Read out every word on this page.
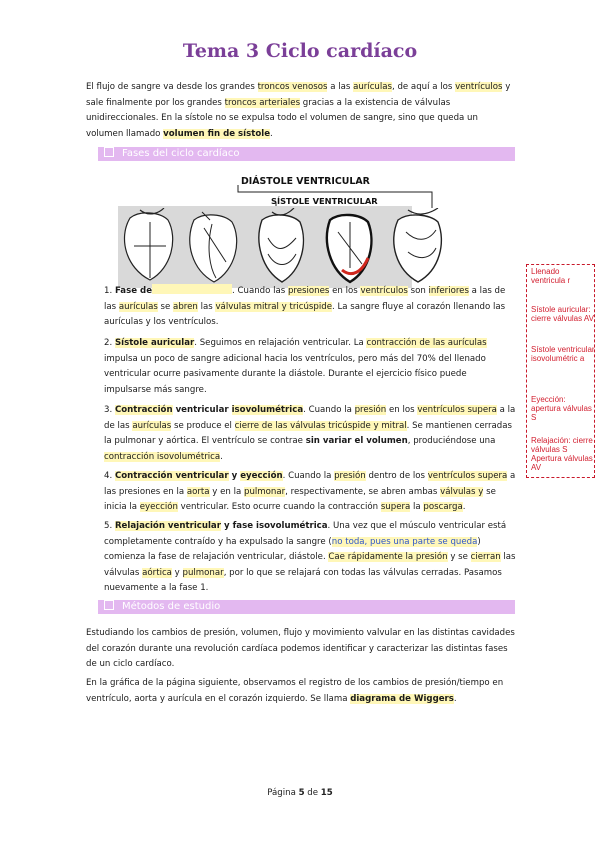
Tema 3 Ciclo cardíaco

El flujo de sangre va desde los grandes troncos venosos a las aurículas, de aquí a los ventrículos y sale finalmente por los grandes troncos arteriales gracias a la existencia de válvulas unidireccionales. En la sístole no se expulsa todo el volumen de sangre, sino que queda un volumen llamado volumen fin de sístole.

Fases del ciclo cardíaco
DIÁSTOLE VENTRICULAR
SÍSTOLE VENTRICULAR

1. Fase de	. Cuando las presiones en los ventrículos son inferiores a las de las aurículas se abren las válvulas mitral y tricúspide. La sangre fluye al corazón llenando las aurículas y los ventrículos.

2. Sístole auricular. Seguimos en relajación ventricular. La contracción de las aurículas impulsa un poco de sangre adicional hacia los ventrículos, pero más del 70% del llenado ventricular ocurre pasivamente durante la diástole. Durante el ejercicio físico puede impulsarse más sangre.

3. Contracción ventricular isovolumétrica. Cuando la presión en los ventrículos supera a la de las aurículas se produce el cierre de las válvulas tricúspide y mitral. Se mantienen cerradas la pulmonar y aórtica. El ventrículo se contrae sin variar el volumen, produciéndose una contracción isovolumétrica.

4. Contracción ventricular y eyección. Cuando la presión dentro de los ventrículos supera a las presiones en la aorta y en la pulmonar, respectivamente, se abren ambas válvulas y se inicia la eyección ventricular. Esto ocurre cuando la contracción supera la poscarga.

5. Relajación ventricular y fase isovolumétrica. Una vez que el músculo ventricular está completamente contraído y ha expulsado la sangre (no toda, pues una parte se queda) comienza la fase de relajación ventricular, diástole. Cae rápidamente la presión y se cierran las válvulas aórtica y pulmonar, por lo que se relajará con todas las válvulas cerradas. Pasamos nuevamente a la fase 1.

Métodos de estudio

Estudiando los cambios de presión, volumen, flujo y movimiento valvular en las distintas cavidades del corazón durante una revolución cardíaca podemos identificar y caracterizar las distintas fases de un ciclo cardíaco.

En la gráfica de la página siguiente, observamos el registro de los cambios de presión/tiempo en ventrículo, aorta y aurícula en el corazón izquierdo. Se llama diagrama de Wiggers.

Llenado ventricula r
Sístole auricular: cierre válvulas AV
Sístole ventricular isovolumétric a
Eyección: apertura válvulas S
Relajación: cierre válvulas S Apertura válvulas AV
Página 5 de 15
